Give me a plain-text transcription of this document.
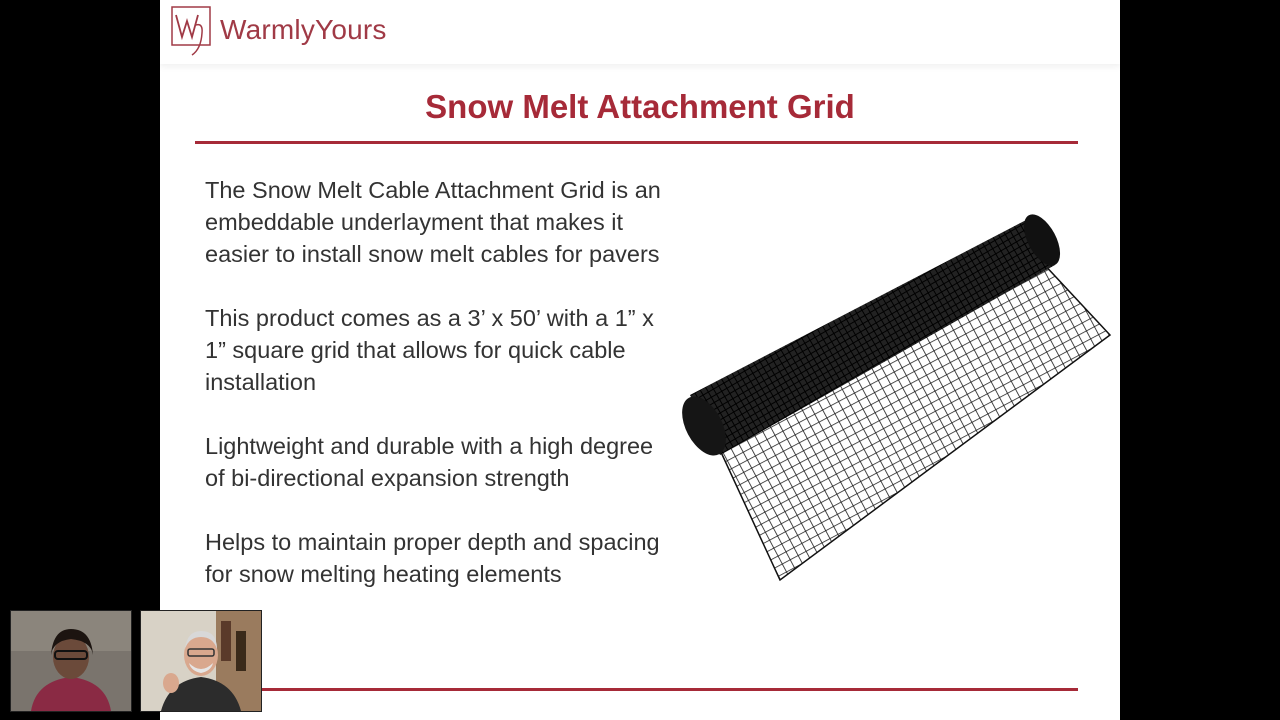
WarmlyYours
Snow Melt Attachment Grid
The Snow Melt Cable Attachment Grid is an embeddable underlayment that makes it easier to install snow melt cables for pavers
This product comes as a 3’ x 50’ with a 1” x 1” square grid that allows for quick cable installation
Lightweight and durable with a high degree of bi-directional expansion strength
Helps to maintain proper depth and spacing for snow melting heating elements
